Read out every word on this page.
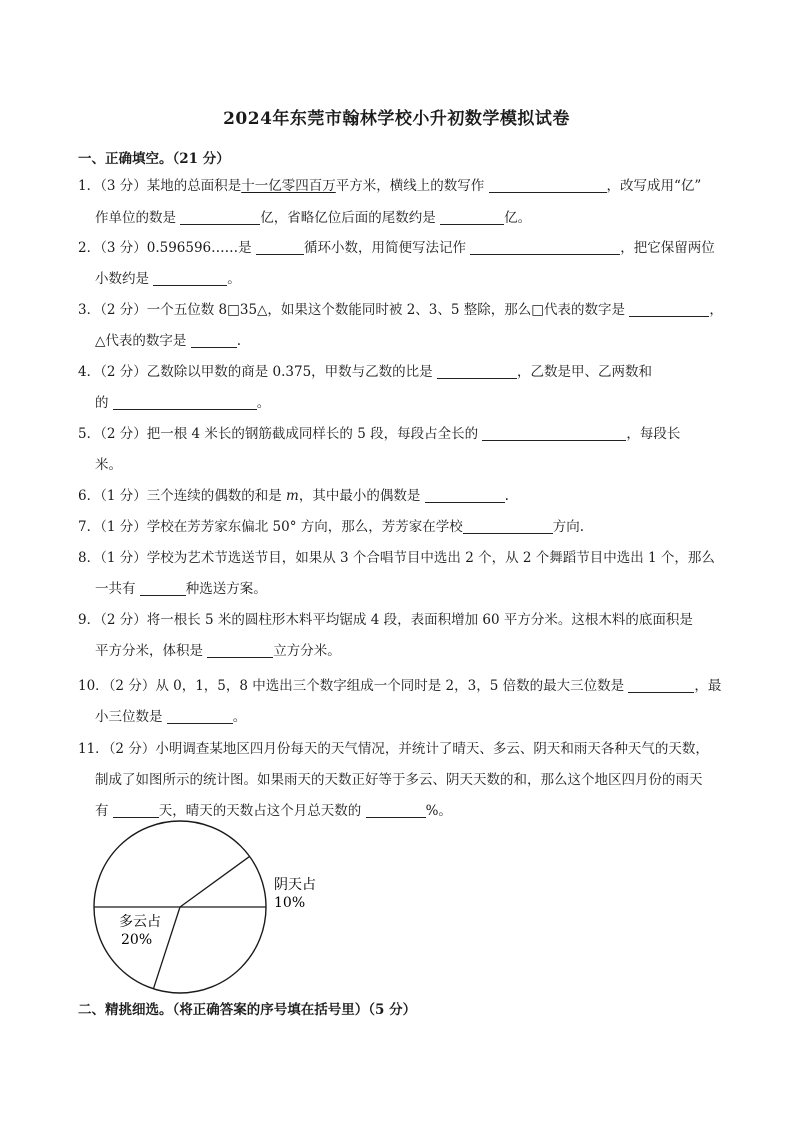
2024年东莞市翰林学校小升初数学模拟试卷
一、正确填空。（21 分）
1．（3 分）某地的总面积是十一亿零四百万平方米，横线上的数写作	，改写成用“亿”
作单位的数是	亿，省略亿位后面的尾数约是	亿。
2．（3 分）0.596596……是	循环小数，用简便写法记作	，把它保留两位
小数约是	。
3．（2 分）一个五位数 8□35△，如果这个数能同时被 2、3、5 整除，那么□代表的数字是	，
△代表的数字是	.
4．（2 分）乙数除以甲数的商是 0.375，甲数与乙数的比是	，乙数是甲、乙两数和
的	。
5．（2 分）把一根 4 米长的钢筋截成同样长的 5 段，每段占全长的	，每段长
米。
6．（1 分）三个连续的偶数的和是 m，其中最小的偶数是	.
7．（1 分）学校在芳芳家东偏北 50° 方向，那么，芳芳家在学校	方向.
8．（1 分）学校为艺术节选送节目，如果从 3 个合唱节目中选出 2 个，从 2 个舞蹈节目中选出 1 个，那么
一共有	种选送方案。
9．（2 分）将一根长 5 米的圆柱形木料平均锯成 4 段，表面积增加 60 平方分米。这根木料的底面积是
平方分米，体积是	立方分米。
10．（2 分）从 0，1，5，8 中选出三个数字组成一个同时是 2，3，5 倍数的最大三位数是	，最
小三位数是	。
11．（2 分）小明调查某地区四月份每天的天气情况，并统计了晴天、多云、阴天和雨天各种天气的天数，
制成了如图所示的统计图。如果雨天的天数正好等于多云、阴天天数的和，那么这个地区四月份的雨天
有	天，晴天的天数占这个月总天数的	%。
阴天占
10%
多云占
20%
二、精挑细选。（将正确答案的序号填在括号里）（5 分）
